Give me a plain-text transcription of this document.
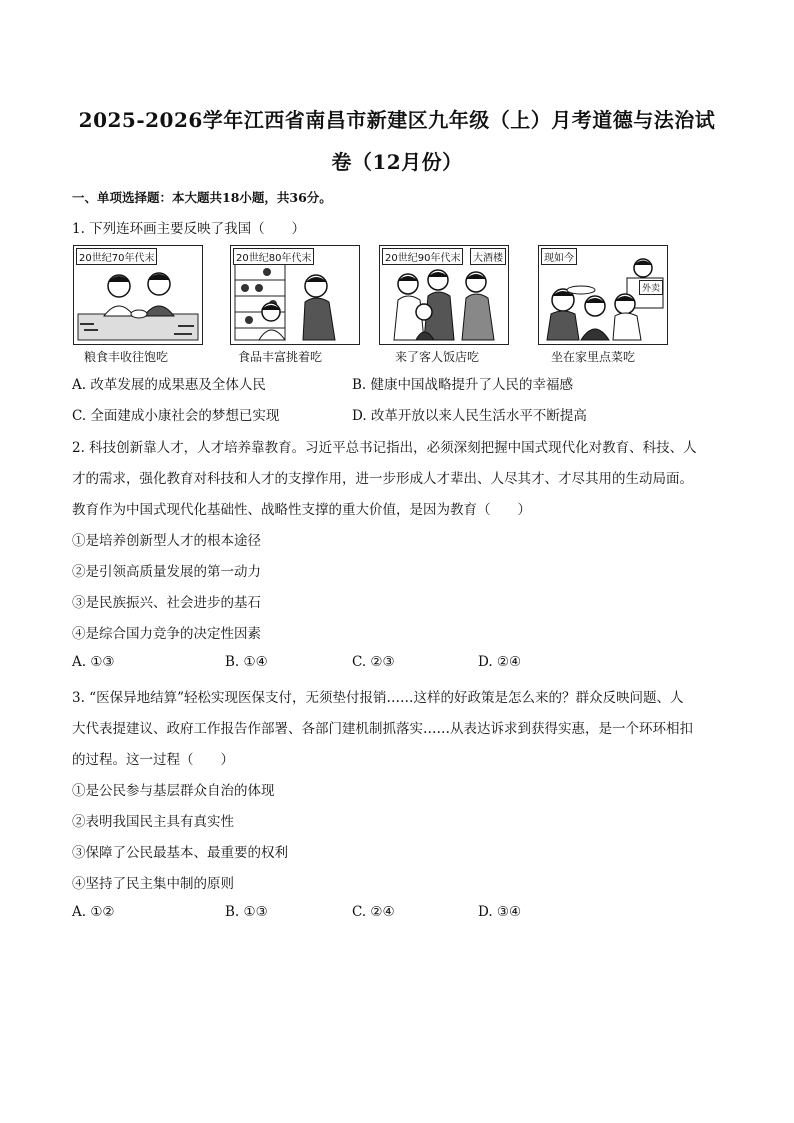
2025-2026学年江西省南昌市新建区九年级（上）月考道德与法治试
卷（12月份）
一、单项选择题：本大题共18小题，共36分。
1. 下列连环画主要反映了我国（　　）
20世纪70年代末	20世纪80年代末	20世纪90年代末	大酒楼	现如今
外卖
粮食丰收往饱吃	食品丰富挑着吃	来了客人饭店吃	坐在家里点菜吃
A. 改革发展的成果惠及全体人民	B. 健康中国战略提升了人民的幸福感
C. 全面建成小康社会的梦想已实现	D. 改革开放以来人民生活水平不断提高
2. 科技创新靠人才，人才培养靠教育。习近平总书记指出，必须深刻把握中国式现代化对教育、科技、人
才的需求，强化教育对科技和人才的支撑作用，进一步形成人才辈出、人尽其才、才尽其用的生动局面。
教育作为中国式现代化基础性、战略性支撑的重大价值，是因为教育（　　）
①是培养创新型人才的根本途径
②是引领高质量发展的第一动力
③是民族振兴、社会进步的基石
④是综合国力竞争的决定性因素
A. ①③	B. ①④	C. ②③	D. ②④
3. “医保异地结算”轻松实现医保支付，无须垫付报销……这样的好政策是怎么来的？群众反映问题、人
大代表提建议、政府工作报告作部署、各部门建机制抓落实……从表达诉求到获得实惠，是一个环环相扣
的过程。这一过程（　　）
①是公民参与基层群众自治的体现
②表明我国民主具有真实性
③保障了公民最基本、最重要的权利
④坚持了民主集中制的原则
A. ①②	B. ①③	C. ②④	D. ③④
